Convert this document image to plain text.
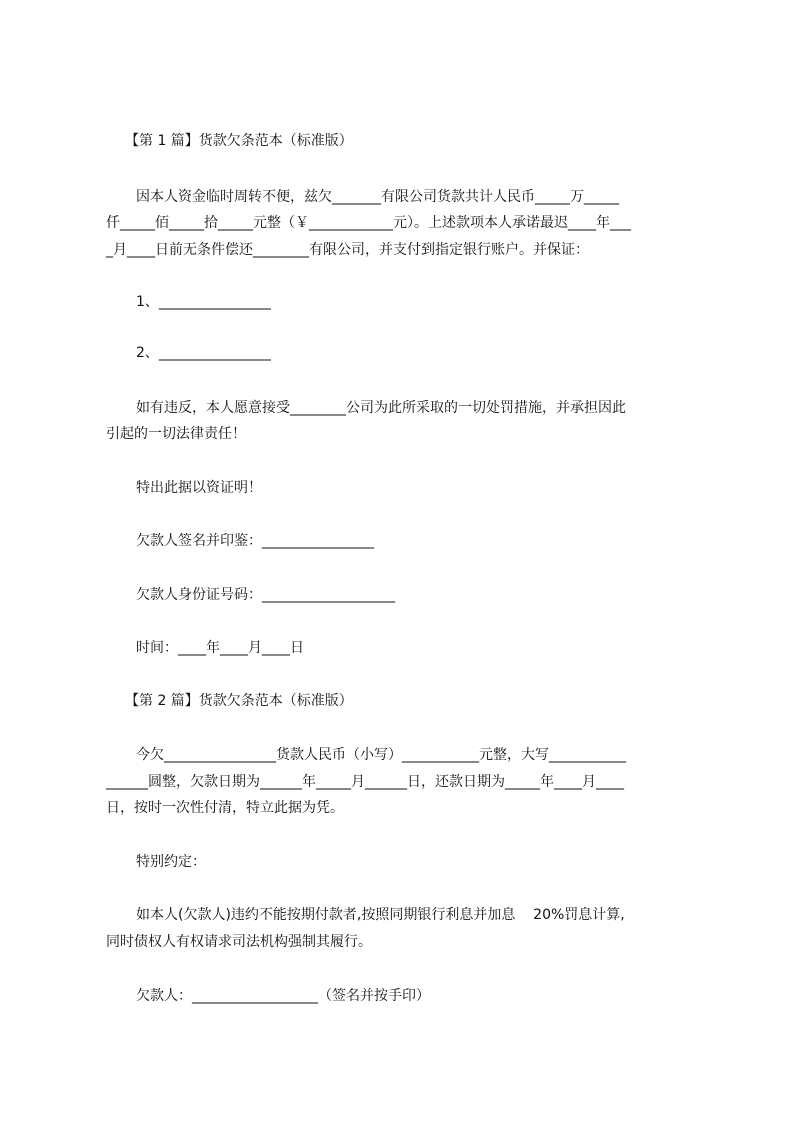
【第 1 篇】货款欠条范本（标准版）
因本人资金临时周转不便，兹欠_______有限公司货款共计人民币_____万_____
仟_____佰_____拾_____元整（￥____________元）。上述款项本人承诺最迟____年___
_月____日前无条件偿还________有限公司，并支付到指定银行账户。并保证：
1、________________
2、________________
如有违反，本人愿意接受________公司为此所采取的一切处罚措施，并承担因此
引起的一切法律责任！
特出此据以资证明！
欠款人签名并印鉴：________________
欠款人身份证号码：___________________
时间：____年____月____日
【第 2 篇】货款欠条范本（标准版）
今欠________________货款人民币（小写）___________元整，大写___________
______圆整，欠款日期为______年_____月______日，还款日期为_____年____月____
日，按时一次性付清，特立此据为凭。
特别约定：
如本人(欠款人)违约不能按期付款者,按照同期银行利息并加息    20%罚息计算,
同时债权人有权请求司法机构强制其履行。
欠款人：__________________（签名并按手印）
